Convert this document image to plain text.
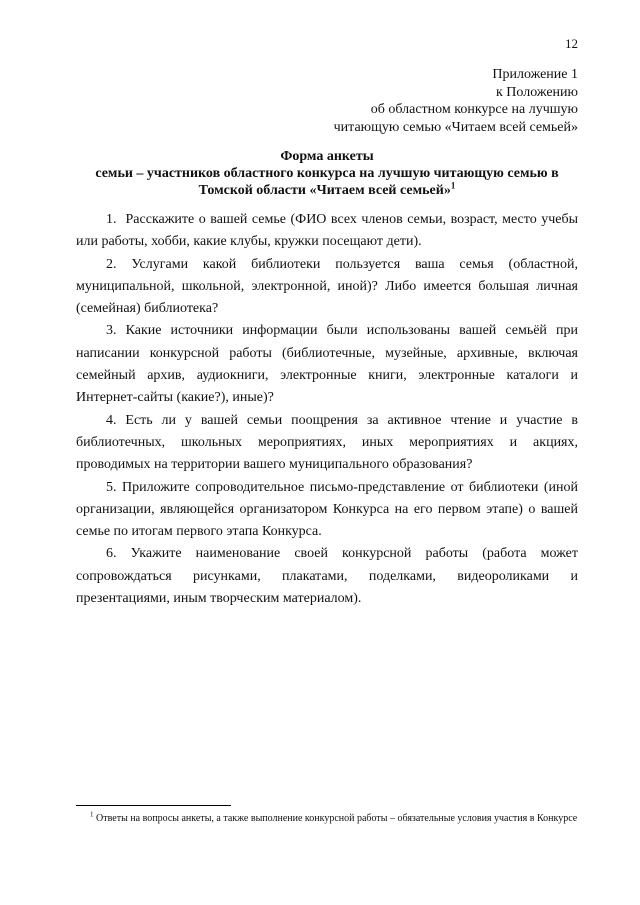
12
Приложение 1
к Положению
об областном конкурсе на лучшую
читающую семью «Читаем всей семьей»
Форма анкеты
семьи – участников областного конкурса на лучшую читающую семью в
Томской области «Читаем всей семьей»$^1$

1.  Расскажите о вашей семье (ФИО всех членов семьи, возраст, место учебы или работы, хобби, какие клубы, кружки посещают дети).

2. Услугами какой библиотеки пользуется ваша семья (областной, муниципальной, школьной, электронной, иной)? Либо имеется большая личная (семейная) библиотека?

3. Какие источники информации были использованы вашей семьёй при написании конкурсной работы (библиотечные, музейные, архивные, включая семейный архив, аудиокниги, электронные книги, электронные каталоги и Интернет-сайты (какие?), иные)?

4. Есть ли у вашей семьи поощрения за активное чтение и участие в библиотечных, школьных мероприятиях, иных мероприятиях и акциях, проводимых на территории вашего муниципального образования?

5. Приложите сопроводительное письмо-представление от библиотеки (иной организации, являющейся организатором Конкурса на его первом этапе) о вашей семье по итогам первого этапа Конкурса.

6. Укажите наименование своей конкурсной работы (работа может сопровождаться рисунками, плакатами, поделками, видеороликами и презентациями, иным творческим материалом).

$^1$ Ответы на вопросы анкеты, а также выполнение конкурсной работы – обязательные условия участия в Конкурсе
